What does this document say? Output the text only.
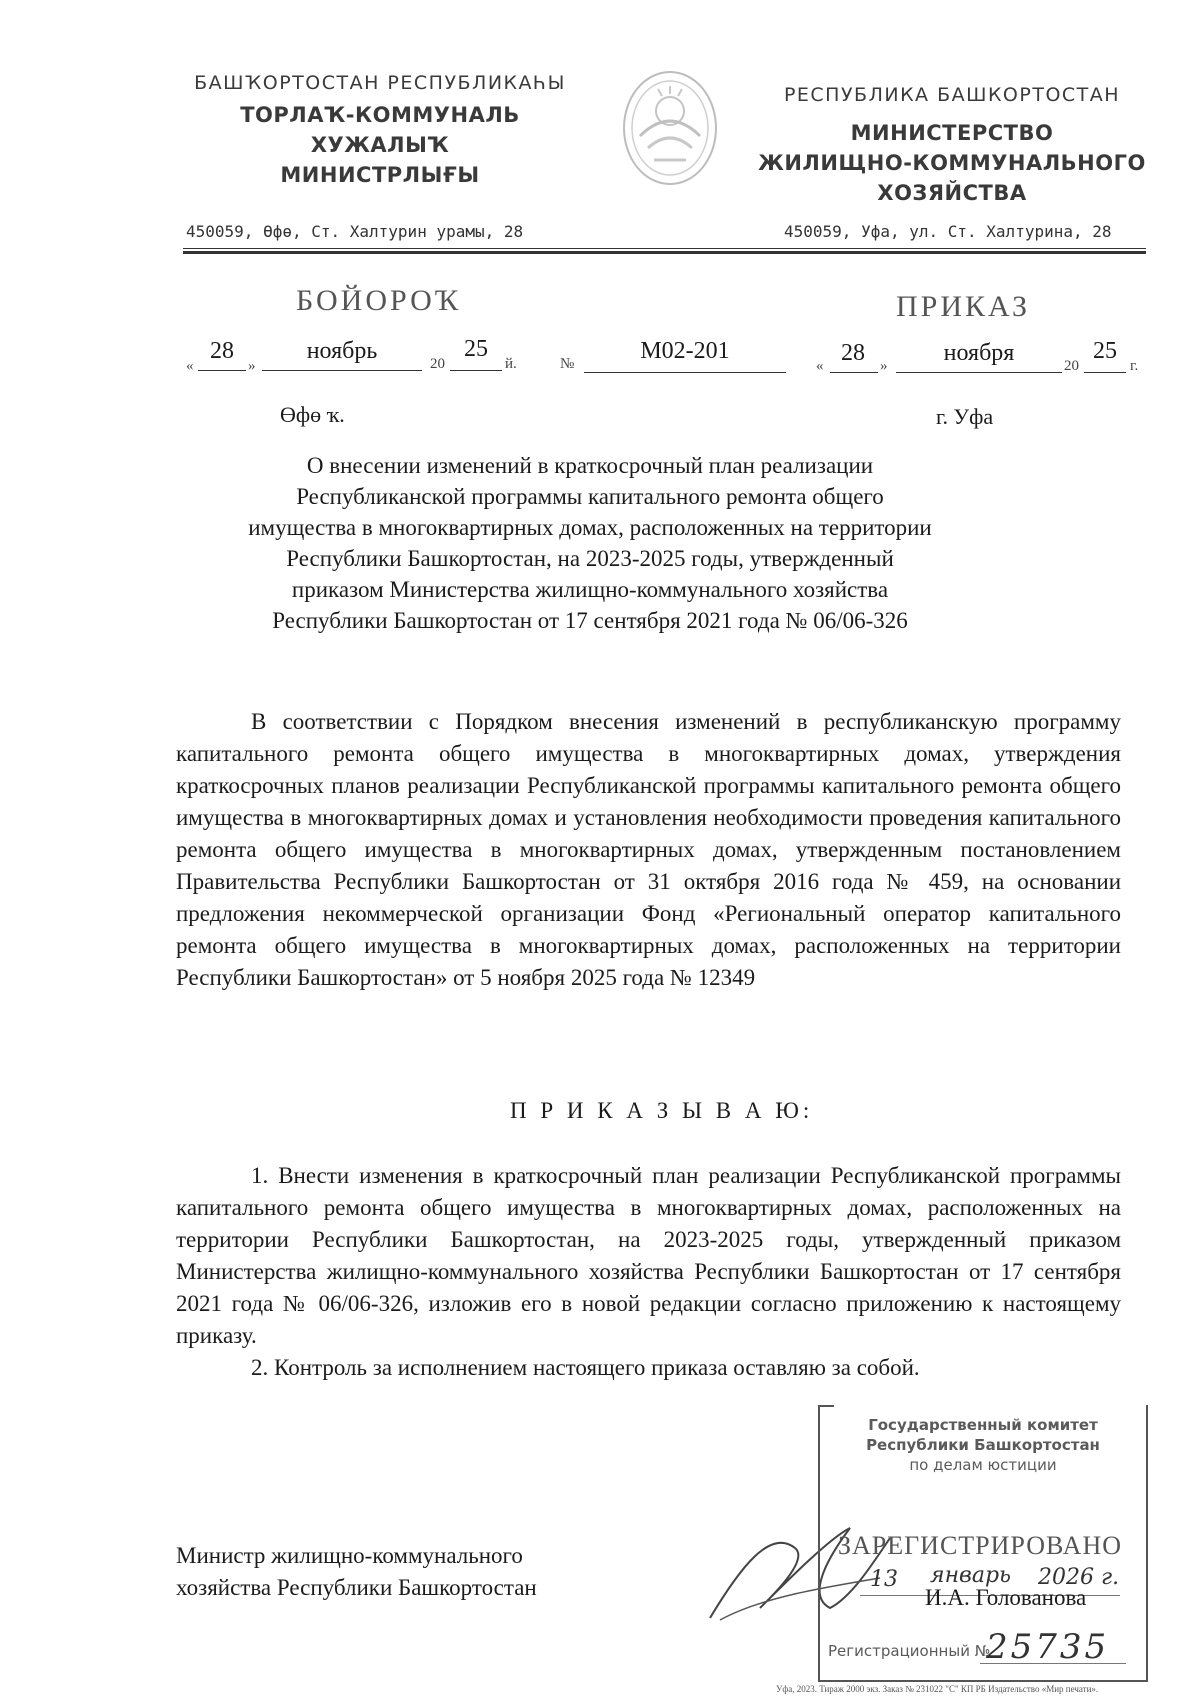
БАШҠОРТОСТАН РЕСПУБЛИКАҺЫ
ТОРЛАҠ-КОММУНАЛЬ
ХУЖАЛЫҠ
МИНИСТРЛЫҒЫ
450059, Өфө, Ст. Халтурин урамы, 28
РЕСПУБЛИКА БАШКОРТОСТАН
МИНИСТЕРСТВО
ЖИЛИЩНО-КОММУНАЛЬНОГО
ХОЗЯЙСТВА
450059, Уфа, ул. Ст. Халтурина, 28
БОЙОРОҠ	ПРИКАЗ
«
28
»
ноябрь	20
25
й.	№	М02-201
« 28	»	ноября	20
25
г.
Өфө ҡ.	г. Уфа
О внесении изменений в краткосрочный план реализации
Республиканской программы капитального ремонта общего
имущества в многоквартирных домах, расположенных на территории
Республики Башкортостан, на 2023-2025 годы, утвержденный
приказом Министерства жилищно-коммунального хозяйства
Республики Башкортостан от 17 сентября 2021 года № 06/06-326

В соответствии с Порядком внесения изменений в республиканскую программу капитального ремонта общего имущества в многоквартирных домах, утверждения краткосрочных планов реализации Республиканской программы капитального ремонта общего имущества в многоквартирных домах и установления необходимости проведения капитального ремонта общего имущества в многоквартирных домах, утвержденным постановлением Правительства Республики Башкортостан от 31 октября 2016 года № 459, на основании предложения некоммерческой организации Фонд «Региональный оператор капитального ремонта общего имущества в многоквартирных домах, расположенных на территории Республики Башкортостан» от 5 ноября 2025 года № 12349

П Р И К А З Ы В А Ю:

1. Внести изменения в краткосрочный план реализации Республиканской программы капитального ремонта общего имущества в многоквартирных домах, расположенных на территории Республики Башкортостан, на 2023-2025 годы, утвержденный приказом Министерства жилищно-коммунального хозяйства Республики Башкортостан от 17 сентября 2021 года № 06/06-326, изложив его в новой редакции согласно приложению к настоящему приказу.

2. Контроль за исполнением настоящего приказа оставляю за собой.

Министр жилищно-коммунального
хозяйства Республики Башкортостан	И.А. Голованова
Государственный комитет
Республики Башкортостан
по делам юстиции
ЗАРЕГИСТРИРОВАНО
13 январь 2026 г.
Регистрационный №
25735
Уфа, 2023. Тираж 2000 экз. Заказ № 231022 "С" КП РБ Издательство «Мир печати».
